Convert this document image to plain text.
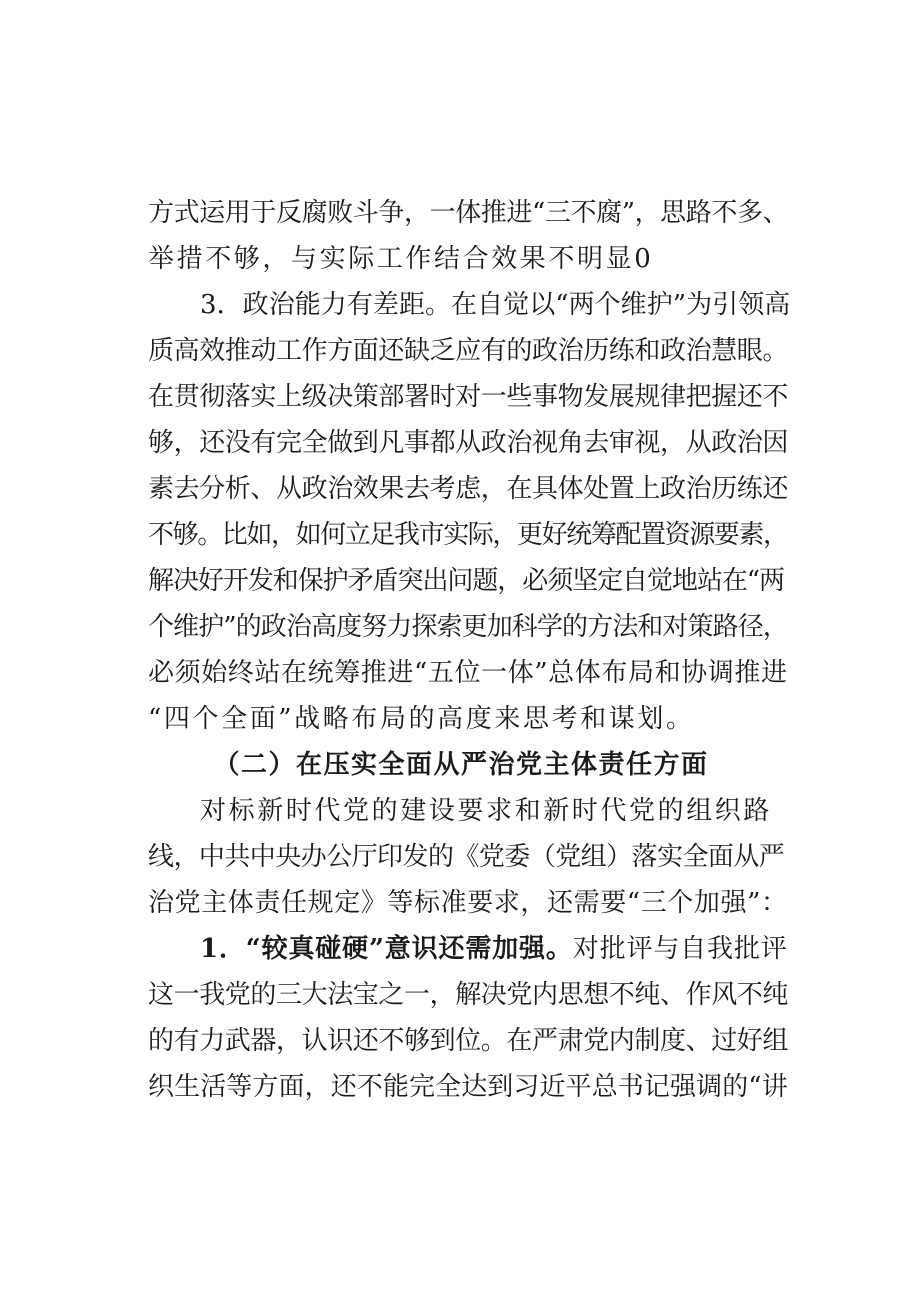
方式运用于反腐败斗争，一体推进“三不腐”，思路不多、
举措不够，与实际工作结合效果不明显0
3．政治能力有差距。在自觉以“两个维护”为引领高
质高效推动工作方面还缺乏应有的政治历练和政治慧眼。
在贯彻落实上级决策部署时对一些事物发展规律把握还不
够，还没有完全做到凡事都从政治视角去审视，从政治因
素去分析、从政治效果去考虑，在具体处置上政治历练还
不够。比如，如何立足我市实际，更好统筹配置资源要素，
解决好开发和保护矛盾突出问题，必须坚定自觉地站在“两
个维护”的政治高度努力探索更加科学的方法和对策路径，
必须始终站在统筹推进“五位一体”总体布局和协调推进
“四个全面”战略布局的高度来思考和谋划。
（二）在压实全面从严治党主体责任方面
对标新时代党的建设要求和新时代党的组织路
线，中共中央办公厅印发的《党委（党组）落实全面从严
治党主体责任规定》等标准要求，还需要“三个加强”：
1．“较真碰硬”意识还需加强。对批评与自我批评
这一我党的三大法宝之一，解决党内思想不纯、作风不纯
的有力武器，认识还不够到位。在严肃党内制度、过好组
织生活等方面，还不能完全达到习近平总书记强调的“讲
